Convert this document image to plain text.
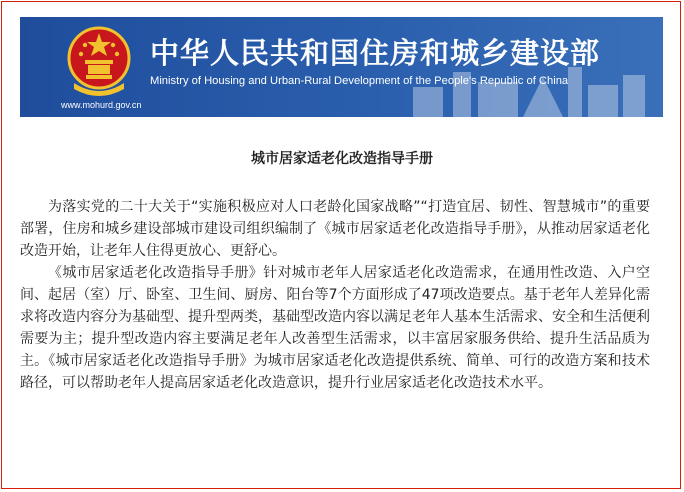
中华人民共和国住房和城乡建设部

Ministry of Housing and Urban-Rural Development of the People's Republic of China

www.mohurd.gov.cn

城市居家适老化改造指导手册

为落实党的二十大关于“实施积极应对人口老龄化国家战略”“打造宜居、韧性、智慧城市”的重要部署，住房和城乡建设部城市建设司组织编制了《城市居家适老化改造指导手册》，从推动居家适老化改造开始，让老年人住得更放心、更舒心。

《城市居家适老化改造指导手册》针对城市老年人居家适老化改造需求，在通用性改造、入户空间、起居（室）厅、卧室、卫生间、厨房、阳台等7个方面形成了47项改造要点。基于老年人差异化需求将改造内容分为基础型、提升型两类，基础型改造内容以满足老年人基本生活需求、安全和生活便利需要为主；提升型改造内容主要满足老年人改善型生活需求，以丰富居家服务供给、提升生活品质为主。《城市居家适老化改造指导手册》为城市居家适老化改造提供系统、简单、可行的改造方案和技术路径，可以帮助老年人提高居家适老化改造意识，提升行业居家适老化改造技术水平。
